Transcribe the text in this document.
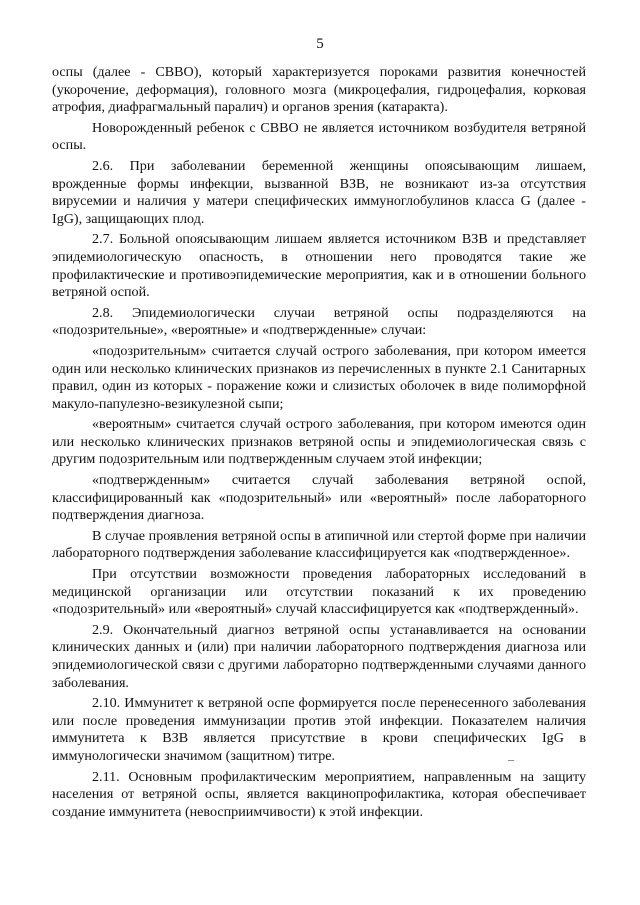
5

оспы (далее - СВВО), который характеризуется пороками развития конечностей (укорочение, деформация), головного мозга (микроцефалия, гидроцефалия, корковая атрофия, диафрагмальный паралич) и органов зрения (катаракта).

Новорожденный ребенок с СВВО не является источником возбудителя ветряной оспы.

2.6. При заболевании беременной женщины опоясывающим лишаем, врожденные формы инфекции, вызванной ВЗВ, не возникают из-за отсутствия вирусемии и наличия у матери специфических иммуноглобулинов класса G (далее - IgG), защищающих плод.

2.7. Больной опоясывающим лишаем является источником ВЗВ и представляет эпидемиологическую опасность, в отношении него проводятся такие же профилактические и противоэпидемические мероприятия, как и в отношении больного ветряной оспой.

2.8. Эпидемиологически случаи ветряной оспы подразделяются на «подозрительные», «вероятные» и «подтвержденные» случаи:

«подозрительным» считается случай острого заболевания, при котором имеется один или несколько клинических признаков из перечисленных в пункте 2.1 Санитарных правил, один из которых - поражение кожи и слизистых оболочек в виде полиморфной макуло-папулезно-везикулезной сыпи;

«вероятным» считается случай острого заболевания, при котором имеются один или несколько клинических признаков ветряной оспы и эпидемиологическая связь с другим подозрительным или подтвержденным случаем этой инфекции;

«подтвержденным» считается случай заболевания ветряной оспой, классифицированный как «подозрительный» или «вероятный» после лабораторного подтверждения диагноза.

В случае проявления ветряной оспы в атипичной или стертой форме при наличии лабораторного подтверждения заболевание классифицируется как «подтвержденное».

При отсутствии возможности проведения лабораторных исследований в медицинской организации или отсутствии показаний к их проведению «подозрительный» или «вероятный» случай классифицируется как «подтвержденный».

2.9. Окончательный диагноз ветряной оспы устанавливается на основании клинических данных и (или) при наличии лабораторного подтверждения диагноза или эпидемиологической связи с другими лабораторно подтвержденными случаями данного заболевания.

2.10. Иммунитет к ветряной оспе формируется после перенесенного заболевания или после проведения иммунизации против этой инфекции. Показателем наличия иммунитета к ВЗВ является присутствие в крови специфических IgG в иммунологически значимом (защитном) титре.

2.11. Основным профилактическим мероприятием, направленным на защиту населения от ветряной оспы, является вакцинопрофилактика, которая обеспечивает создание иммунитета (невосприимчивости) к этой инфекции.

_
